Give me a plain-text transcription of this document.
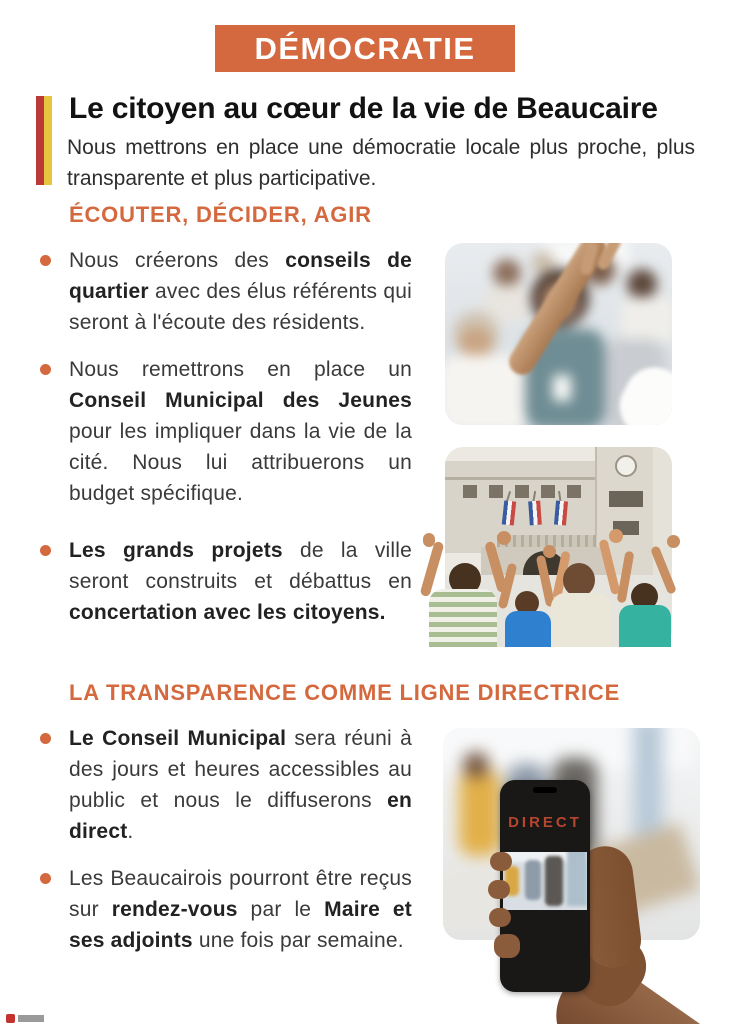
DÉMOCRATIE
Le citoyen au cœur de la vie de Beaucaire

Nous mettrons en place une démocratie locale plus proche, plus transparente et plus participative.

ÉCOUTER, DÉCIDER, AGIR

Nous créerons des conseils de quartier avec des élus référents qui seront à l'écoute des résidents.

Nous remettrons en place un Conseil Municipal des Jeunes pour les impliquer dans la vie de la cité. Nous lui attribuerons un budget spécifique.

Les grands projets de la ville seront construits et débattus en concertation avec les citoyens.

LA TRANSPARENCE COMME LIGNE DIRECTRICE

Le Conseil Municipal sera réuni à des jours et heures accessibles au public et nous le diffuserons en direct.

Les Beaucairois pourront être reçus sur rendez-vous par le Maire et ses adjoints une fois par semaine.

DIRECT
